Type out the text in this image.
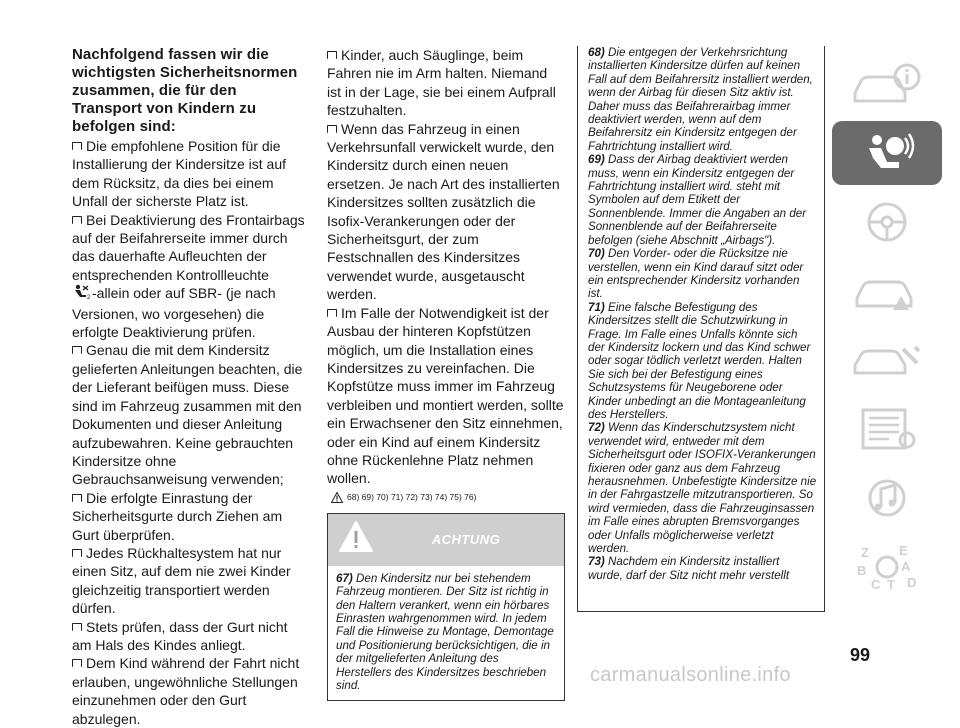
Nachfolgend fassen wir die wichtigsten Sicherheitsnormen zusammen, die für den Transport von Kindern zu befolgen sind:

Die empfohlene Position für die Installierung der Kindersitze ist auf dem Rücksitz, da dies bei einem Unfall der sicherste Platz ist.

Bei Deaktivierung des Frontairbags auf der Beifahrerseite immer durch das dauerhafte Aufleuchten der entsprechenden Kontrollleuchte

2 -allein oder auf SBR- (je nach Versionen, wo vorgesehen) die erfolgte Deaktivierung prüfen.

Genau die mit dem Kindersitz gelieferten Anleitungen beachten, die der Lieferant beifügen muss. Diese sind im Fahrzeug zusammen mit den Dokumenten und dieser Anleitung aufzubewahren. Keine gebrauchten Kindersitze ohne Gebrauchsanweisung verwenden;

Die erfolgte Einrastung der Sicherheitsgurte durch Ziehen am Gurt überprüfen.

Jedes Rückhaltesystem hat nur einen Sitz, auf dem nie zwei Kinder gleichzeitig transportiert werden dürfen.

Stets prüfen, dass der Gurt nicht am Hals des Kindes anliegt.

Dem Kind während der Fahrt nicht erlauben, ungewöhnliche Stellungen einzunehmen oder den Gurt abzulegen.

Kinder, auch Säuglinge, beim Fahren nie im Arm halten. Niemand ist in der Lage, sie bei einem Aufprall festzuhalten.

Wenn das Fahrzeug in einen Verkehrsunfall verwickelt wurde, den Kindersitz durch einen neuen ersetzen. Je nach Art des installierten Kindersitzes sollten zusätzlich die Isofix-Verankerungen oder der Sicherheitsgurt, der zum Festschnallen des Kindersitzes verwendet wurde, ausgetauscht werden.

Im Falle der Notwendigkeit ist der Ausbau der hinteren Kopfstützen möglich, um die Installation eines Kindersitzes zu vereinfachen. Die Kopfstütze muss immer im Fahrzeug verbleiben und montiert werden, sollte ein Erwachsener den Sitz einnehmen, oder ein Kind auf einem Kindersitz ohne Rückenlehne Platz nehmen wollen.

68) 69) 70) 71) 72) 73) 74) 75) 76)
ACHTUNG

67) Den Kindersitz nur bei stehendem Fahrzeug montieren. Der Sitz ist richtig in den Haltern verankert, wenn ein hörbares Einrasten wahrgenommen wird. In jedem Fall die Hinweise zu Montage, Demontage und Positionierung berücksichtigen, die in der mitgelieferten Anleitung des Herstellers des Kindersitzes beschrieben sind.

68) Die entgegen der Verkehrsrichtung installierten Kindersitze dürfen auf keinen Fall auf dem Beifahrersitz installiert werden, wenn der Airbag für diesen Sitz aktiv ist. Daher muss das Beifahrerairbag immer deaktiviert werden, wenn auf dem Beifahrersitz ein Kindersitz entgegen der Fahrtrichtung installiert wird.

69) Dass der Airbag deaktiviert werden muss, wenn ein Kindersitz entgegen der Fahrtrichtung installiert wird. steht mit Symbolen auf dem Etikett der Sonnenblende. Immer die Angaben an der Sonnenblende auf der Beifahrerseite befolgen (siehe Abschnitt „Airbags").

70) Den Vorder- oder die Rücksitze nie verstellen, wenn ein Kind darauf sitzt oder ein entsprechender Kindersitz vorhanden ist.

71) Eine falsche Befestigung des Kindersitzes stellt die Schutzwirkung in Frage. Im Falle eines Unfalls könnte sich der Kindersitz lockern und das Kind schwer oder sogar tödlich verletzt werden. Halten Sie sich bei der Befestigung eines Schutzsystems für Neugeborene oder Kinder unbedingt an die Montageanleitung des Herstellers.

72) Wenn das Kinderschutzsystem nicht verwendet wird, entweder mit dem Sicherheitsgurt oder ISOFIX-Verankerungen fixieren oder ganz aus dem Fahrzeug herausnehmen. Unbefestigte Kindersitze nie in der Fahrgastzelle mitzutransportieren. So wird vermieden, dass die Fahrzeuginsassen im Falle eines abrupten Bremsvorganges oder Unfalls möglicherweise verletzt werden.

73) Nachdem ein Kindersitz installiert wurde, darf der Sitz nicht mehr verstellt

Z E
B
C T
A
D
99
carmanualsonline.info
